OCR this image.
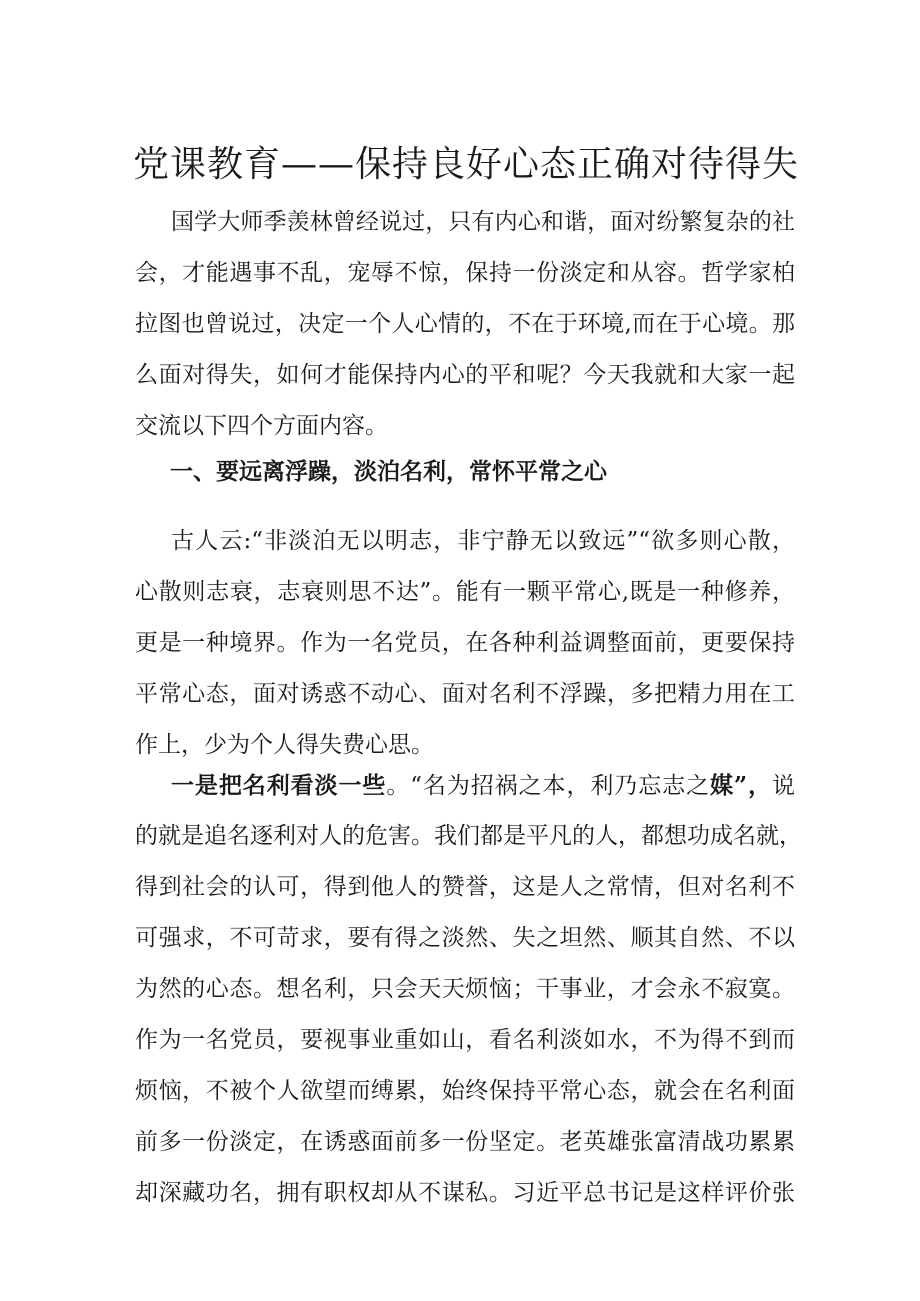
党课教育——保持良好心态正确对待得失
国学大师季羡林曾经说过，只有内心和谐，面对纷繁复杂的社
会，才能遇事不乱，宠辱不惊，保持一份淡定和从容。哲学家柏
拉图也曾说过，决定一个人心情的，不在于环境,而在于心境。那
么面对得失，如何才能保持内心的平和呢？今天我就和大家一起
交流以下四个方面内容。
一、要远离浮躁，淡泊名利，常怀平常之心
古人云:“非淡泊无以明志，非宁静无以致远”“欲多则心散，
心散则志衰，志衰则思不达”。能有一颗平常心,既是一种修养，
更是一种境界。作为一名党员，在各种利益调整面前，更要保持
平常心态，面对诱惑不动心、面对名利不浮躁，多把精力用在工
作上，少为个人得失费心思。
一是把名利看淡一些。“名为招祸之本，利乃忘志之媒”，说
的就是追名逐利对人的危害。我们都是平凡的人，都想功成名就，
得到社会的认可，得到他人的赞誉，这是人之常情，但对名利不
可强求，不可苛求，要有得之淡然、失之坦然、顺其自然、不以
为然的心态。想名利，只会天天烦恼；干事业，才会永不寂寞。
作为一名党员，要视事业重如山，看名利淡如水，不为得不到而
烦恼，不被个人欲望而缚累，始终保持平常心态，就会在名利面
前多一份淡定，在诱惑面前多一份坚定。老英雄张富清战功累累
却深藏功名，拥有职权却从不谋私。习近平总书记是这样评价张
